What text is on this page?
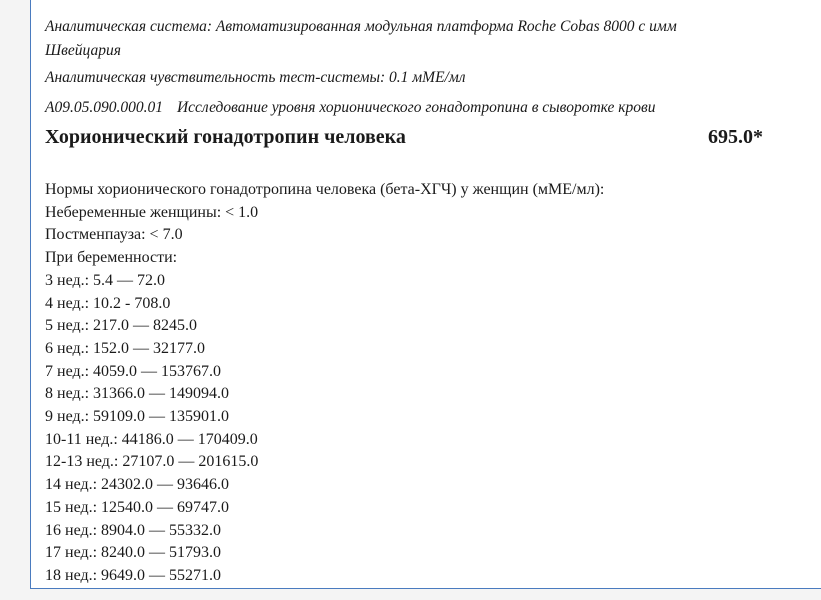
Аналитическая система: Автоматизированная модульная платформа Roche Cobas 8000 с имм
Швейцария
Аналитическая чувствительность тест-системы: 0.1 мМЕ/мл
A09.05.090.000.01 Исследование уровня хорионического гонадотропина в сыворотке крови
Хорионический гонадотропин человека	695.0*
Нормы хорионического гонадотропина человека (бета-ХГЧ) у женщин (мМЕ/мл):
Небеременные женщины: < 1.0
Постменпауза: < 7.0
При беременности:
3 нед.: 5.4 — 72.0
4 нед.: 10.2 - 708.0
5 нед.: 217.0 — 8245.0
6 нед.: 152.0 — 32177.0
7 нед.: 4059.0 — 153767.0
8 нед.: 31366.0 — 149094.0
9 нед.: 59109.0 — 135901.0
10-11 нед.: 44186.0 — 170409.0
12-13 нед.: 27107.0 — 201615.0
14 нед.: 24302.0 — 93646.0
15 нед.: 12540.0 — 69747.0
16 нед.: 8904.0 — 55332.0
17 нед.: 8240.0 — 51793.0
18 нед.: 9649.0 — 55271.0
